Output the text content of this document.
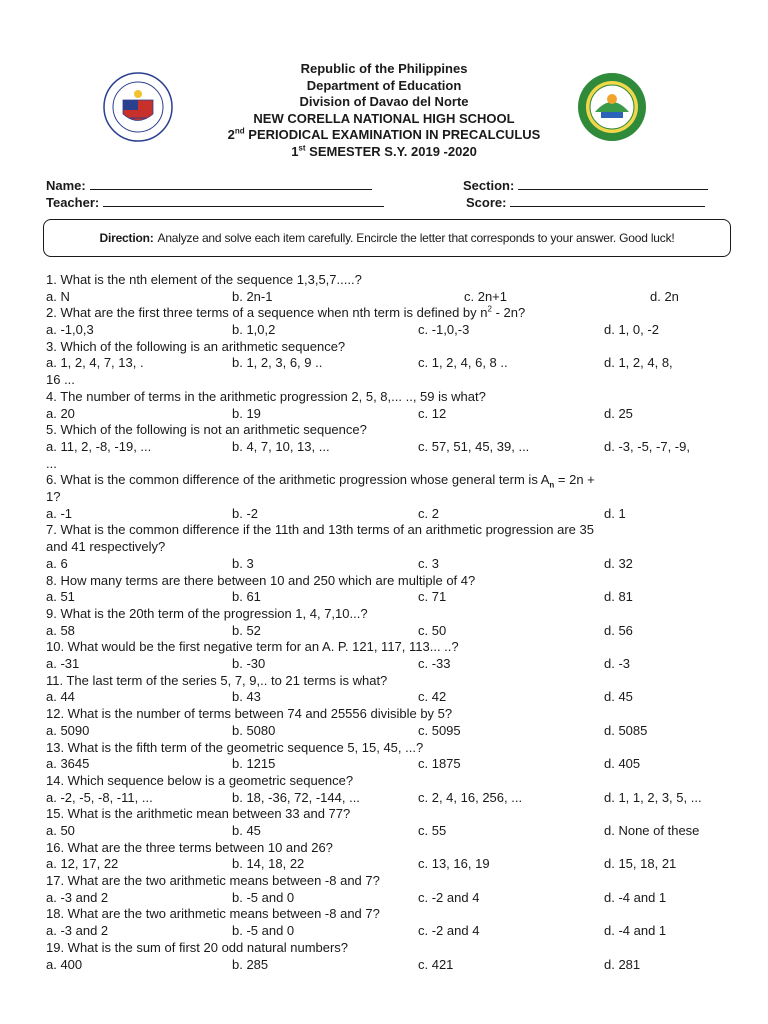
Republic of the Philippines
Department of Education
Division of Davao del Norte
NEW CORELLA NATIONAL HIGH SCHOOL
2nd PERIODICAL EXAMINATION IN PRECALCULUS
1st SEMESTER S.Y. 2019 -2020
Name:	Section:
Teacher:	Score:
Direction: Analyze and solve each item carefully. Encircle the letter that corresponds to your answer. Good luck!
1. What is the nth element of the sequence 1,3,5,7.....?
a. N	b. 2n-1	c. 2n+1	d. 2n
2. What are the first three terms of a sequence when nth term is defined by $n^2 - 2n$?
a. -1,0,3	b. 1,0,2	c. -1,0,-3	d. 1, 0, -2
3. Which of the following is an arithmetic sequence?
a. 1, 2, 4, 7, 13, .	b. 1, 2, 3, 6, 9 ..	c. 1, 2, 4, 6, 8 ..	d. 1, 2, 4, 8,
16 ...
4. The number of terms in the arithmetic progression 2, 5, 8,... .., 59 is what?
a. 20	b. 19	c. 12	d. 25
5. Which of the following is not an arithmetic sequence?
a. 11, 2, -8, -19, ...	b. 4, 7, 10, 13, ...	c. 57, 51, 45, 39, ...	d. -3, -5, -7, -9,
...
6. What is the common difference of the arithmetic progression whose general term is $A_n = 2n$ +
1?
a. -1	b. -2	c. 2	d. 1
7. What is the common difference if the 11th and 13th terms of an arithmetic progression are 35
and 41 respectively?
a. 6	b. 3	c. 3	d. 32
8. How many terms are there between 10 and 250 which are multiple of 4?
a. 51	b. 61	c. 71	d. 81
9. What is the 20th term of the progression 1, 4, 7,10...?
a. 58	b. 52	c. 50	d. 56
10. What would be the first negative term for an A. P. 121, 117, 113... ..?
a. -31	b. -30	c. -33	d. -3
11. The last term of the series 5, 7, 9,.. to 21 terms is what?
a. 44	b. 43	c. 42	d. 45
12. What is the number of terms between 74 and 25556 divisible by 5?
a. 5090	b. 5080	c. 5095	d. 5085
13. What is the fifth term of the geometric sequence 5, 15, 45, ...?
a. 3645	b. 1215	c. 1875	d. 405
14. Which sequence below is a geometric sequence?
a. -2, -5, -8, -11, ...	b. 18, -36, 72, -144, ...	c. 2, 4, 16, 256, ...	d. 1, 1, 2, 3, 5, ...
15. What is the arithmetic mean between 33 and 77?
a. 50	b. 45	c. 55	d. None of these
16. What are the three terms between 10 and 26?
a. 12, 17, 22	b. 14, 18, 22	c. 13, 16, 19	d. 15, 18, 21
17. What are the two arithmetic means between -8 and 7?
a. -3 and 2	b. -5 and 0	c. -2 and 4	d. -4 and 1
18. What are the two arithmetic means between -8 and 7?
a. -3 and 2	b. -5 and 0	c. -2 and 4	d. -4 and 1
19. What is the sum of first 20 odd natural numbers?
a. 400	b. 285	c. 421	d. 281
